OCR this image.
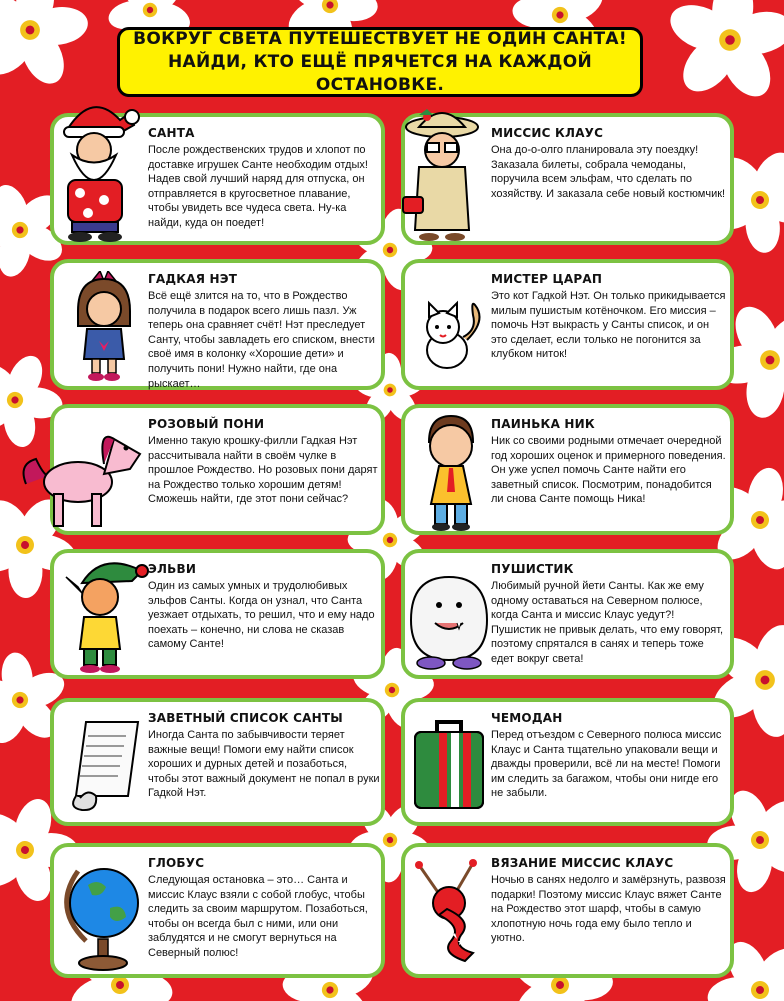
ВОКРУГ СВЕТА ПУТЕШЕСТВУЕТ НЕ ОДИН САНТА!
НАЙДИ, КТО ЕЩЁ ПРЯЧЕТСЯ НА КАЖДОЙ ОСТАНОВКЕ.
САНТА
После рождественских трудов и хлопот по доставке игрушек Санте необходим отдых! Надев свой лучший наряд для отпуска, он отправляется в кругосветное плавание, чтобы увидеть все чудеса света. Ну-ка найди, куда он поедет!
МИССИС КЛАУС
Она до-о-олго планировала эту поездку! Заказала билеты, собрала чемоданы, поручила всем эльфам, что сделать по хозяйству. И заказала себе новый костюмчик!
ГАДКАЯ НЭТ
Всё ещё злится на то, что в Рождество получила в подарок всего лишь пазл. Уж теперь она сравняет счёт! Нэт преследует Санту, чтобы завладеть его списком, внести своё имя в колонку «Хорошие дети» и получить пони! Нужно найти, где она рыскает…
МИСТЕР ЦАРАП
Это кот Гадкой Нэт. Он только прикидывается милым пушистым котёночком. Его миссия – помочь Нэт выкрасть у Санты список, и он это сделает, если только не погонится за клубком ниток!
РОЗОВЫЙ ПОНИ
Именно такую крошку-филли Гадкая Нэт рассчитывала найти в своём чулке в прошлое Рождество. Но розовых пони дарят на Рождество только хорошим детям! Сможешь найти, где этот пони сейчас?
ПАИНЬКА НИК
Ник со своими родными отмечает очередной год хороших оценок и примерного поведения. Он уже успел помочь Санте найти его заветный список. Посмотрим, понадобится ли снова Санте помощь Ника!
ЭЛЬВИ
Один из самых умных и трудолюбивых эльфов Санты. Когда он узнал, что Санта уезжает отдыхать, то решил, что и ему надо поехать – конечно, ни слова не сказав самому Санте!
ПУШИСТИК
Любимый ручной йети Санты. Как же ему одному оставаться на Северном полюсе, когда Санта и миссис Клаус уедут?! Пушистик не привык делать, что ему говорят, поэтому спрятался в санях и теперь тоже едет вокруг света!
ЗАВЕТНЫЙ СПИСОК САНТЫ
Иногда Санта по забывчивости теряет важные вещи! Помоги ему найти список хороших и дурных детей и позаботься, чтобы этот важный документ не попал в руки Гадкой Нэт.
ЧЕМОДАН
Перед отъездом с Северного полюса миссис Клаус и Санта тщательно упаковали вещи и дважды проверили, всё ли на месте! Помоги им следить за багажом, чтобы они нигде его не забыли.
ГЛОБУС
Следующая остановка – это… Санта и миссис Клаус взяли с собой глобус, чтобы следить за своим маршрутом. Позаботься, чтобы он всегда был с ними, или они заблудятся и не смогут вернуться на Северный полюс!
★
ВЯЗАНИЕ МИССИС КЛАУС
Ночью в санях недолго и замёрзнуть, развозя подарки! Поэтому миссис Клаус вяжет Санте на Рождество этот шарф, чтобы в самую хлопотную ночь года ему было тепло и уютно.
